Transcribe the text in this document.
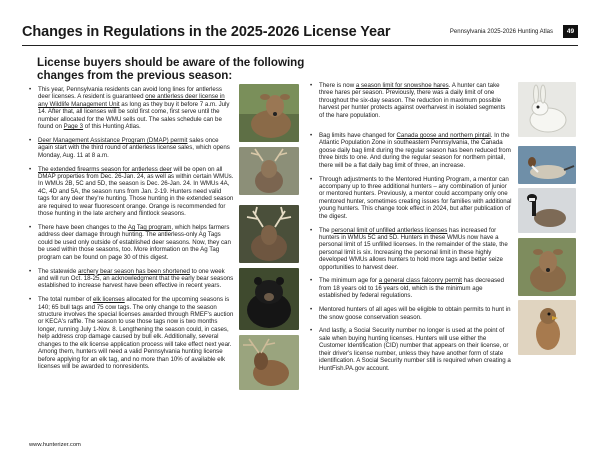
Changes in Regulations in the 2025-2026 License Year	Pennsylvania 2025-2026 Hunting Atlas	49
License buyers should be aware of the following changes from the previous season:
• This year, Pennsylvania residents can avoid long lines for antlerless deer licenses. A resident is guaranteed one antlerless deer license in any Wildlife Management Unit as long as they buy it before 7 a.m. July 14. After that, all licenses will be sold first come, first serve until the number allocated for the WMU sells out. The sales schedule can be found on Page 3 of this Hunting Atlas.
• Deer Management Assistance Program (DMAP) permit sales once again start with the third round of antlerless license sales, which opens Monday, Aug. 11 at 8 a.m.
• The extended firearms season for antlerless deer will be open on all DMAP properties from Dec. 26-Jan. 24, as well as within certain WMUs. In WMUs 2B, 5C and 5D, the season is Dec. 26-Jan. 24. In WMUs 4A, 4C, 4D and 5A, the season runs from Jan. 2-19. Hunters need valid tags for any deer they're hunting. Those hunting in the extended season are required to wear fluorescent orange. Orange is recommended for those hunting in the late archery and flintlock seasons.
• There have been changes to the Ag Tag program, which helps farmers address deer damage through hunting. The antlerless-only Ag Tags could be used only outside of established deer seasons. Now, they can be used within those seasons, too. More information on the Ag Tag program can be found on page 30 of this digest.
• The statewide archery bear season has been shortened to one week and will run Oct. 18-25, an acknowledgment that the early bear seasons established to increase harvest have been effective in recent years.
• The total number of elk licenses allocated for the upcoming seasons is 140; 65 bull tags and 75 cow tags. The only change to the season structure involves the special licenses awarded through RMEF's auction or KECA's raffle. The season to use those tags now is two months longer, running July 1-Nov. 8. Lengthening the season could, in cases, help address crop damage caused by bull elk. Additionally, several changes to the elk license application process will take effect next year. Among them, hunters will need a valid Pennsylvania hunting license before applying for an elk tag, and no more than 10% of available elk licenses will be awarded to nonresidents.
• There is now a season limit for snowshoe hares. A hunter can take three hares per season. Previously, there was a daily limit of one throughout the six-day season. The reduction in maximum possible harvest per hunter protects against overharvest in isolated segments of the hare population.
• Bag limits have changed for Canada goose and northern pintail. In the Atlantic Population Zone in southeastern Pennsylvania, the Canada goose daily bag limit during the regular season has been reduced from three birds to one. And during the regular season for northern pintail, there will be a flat daily bag limit of three, an increase.
• Through adjustments to the Mentored Hunting Program, a mentor can accompany up to three additional hunters – any combination of junior or mentored hunters. Previously, a mentor could accompany only one mentored hunter, sometimes creating issues for families with additional young hunters. This change took effect in 2024, but after publication of the digest.
• The personal limit of unfilled antlerless licenses has increased for hunters in WMUs 5C and 5D. Hunters in these WMUs now have a personal limit of 15 unfilled licenses. In the remainder of the state, the personal limit is six. Increasing the personal limit in these highly developed WMUs allows hunters to hold more tags and better seize opportunities to harvest deer.
• The minimum age for a general class falconry permit has decreased from 18 years old to 16 years old, which is the minimum age established by federal regulations.
• Mentored hunters of all ages will be eligible to obtain permits to hunt in the snow goose conservation season.
• And lastly, a Social Security number no longer is used at the point of sale when buying hunting licenses. Hunters will use either the Customer Identification (CID) number that appears on their license, or their driver's license number, unless they have another form of state identification. A Social Security number still is required when creating a HuntFish.PA.gov account.
www.hunterizer.com
